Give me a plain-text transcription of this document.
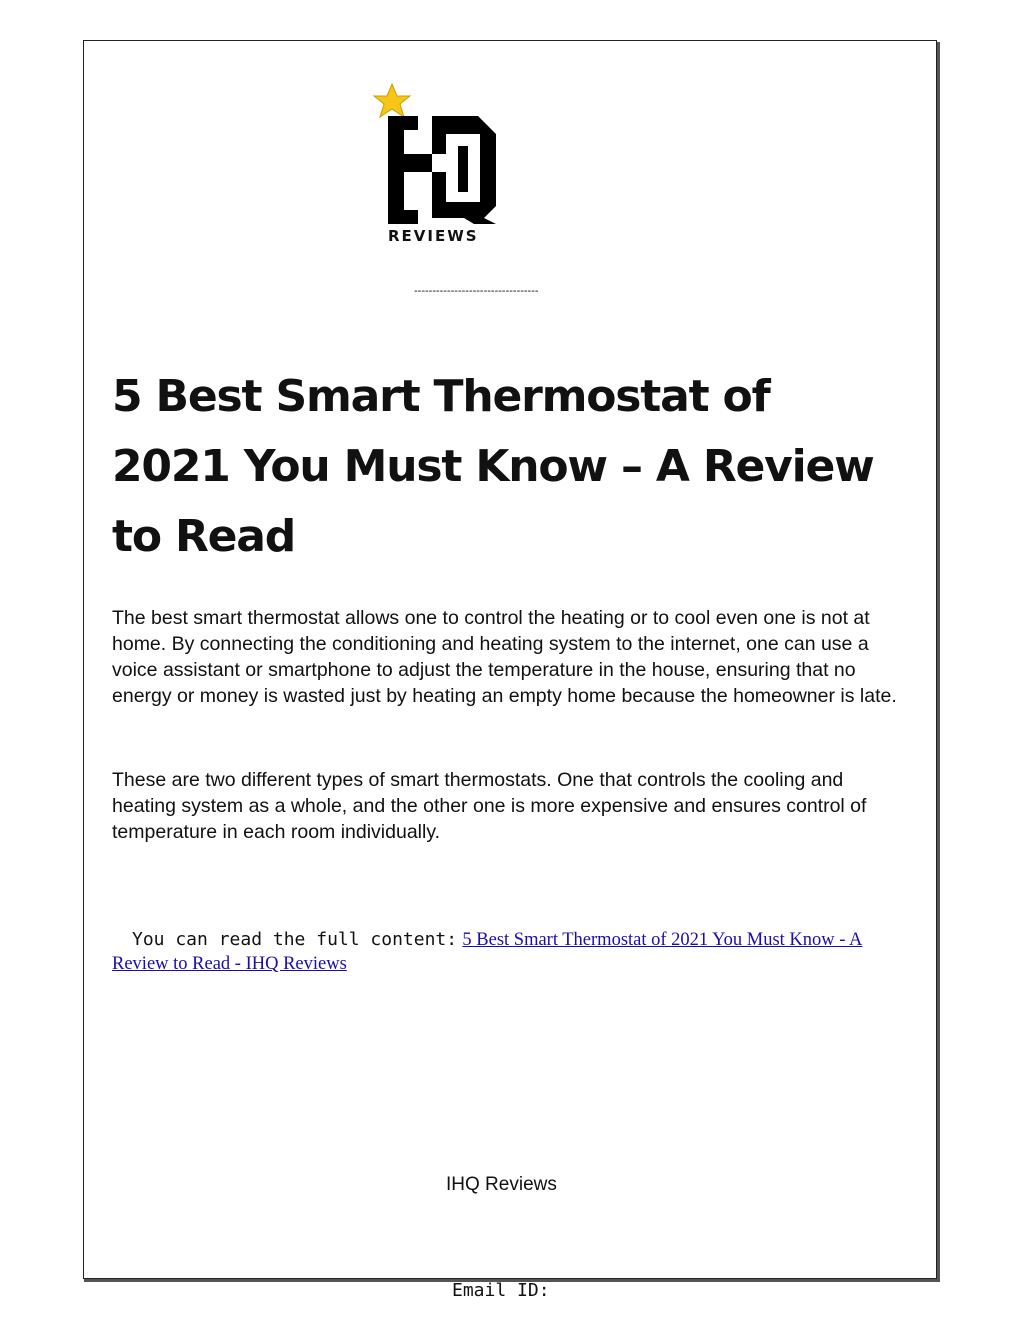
REVIEWS
----------------------------------
5 Best Smart Thermostat of 2021 You Must Know – A Review to Read

The best smart thermostat allows one to control the heating or to cool even one is not at home. By connecting the conditioning and heating system to the internet, one can use a voice assistant or smartphone to adjust the temperature in the house, ensuring that no energy or money is wasted just by heating an empty home because the homeowner is late.

These are two different types of smart thermostats. One that controls the cooling and heating system as a whole, and the other one is more expensive and ensures control of temperature in each room individually.

You can read the full content: 5 Best Smart Thermostat of 2021 You Must Know - A Review to Read - IHQ Reviews
IHQ Reviews
Email ID:
